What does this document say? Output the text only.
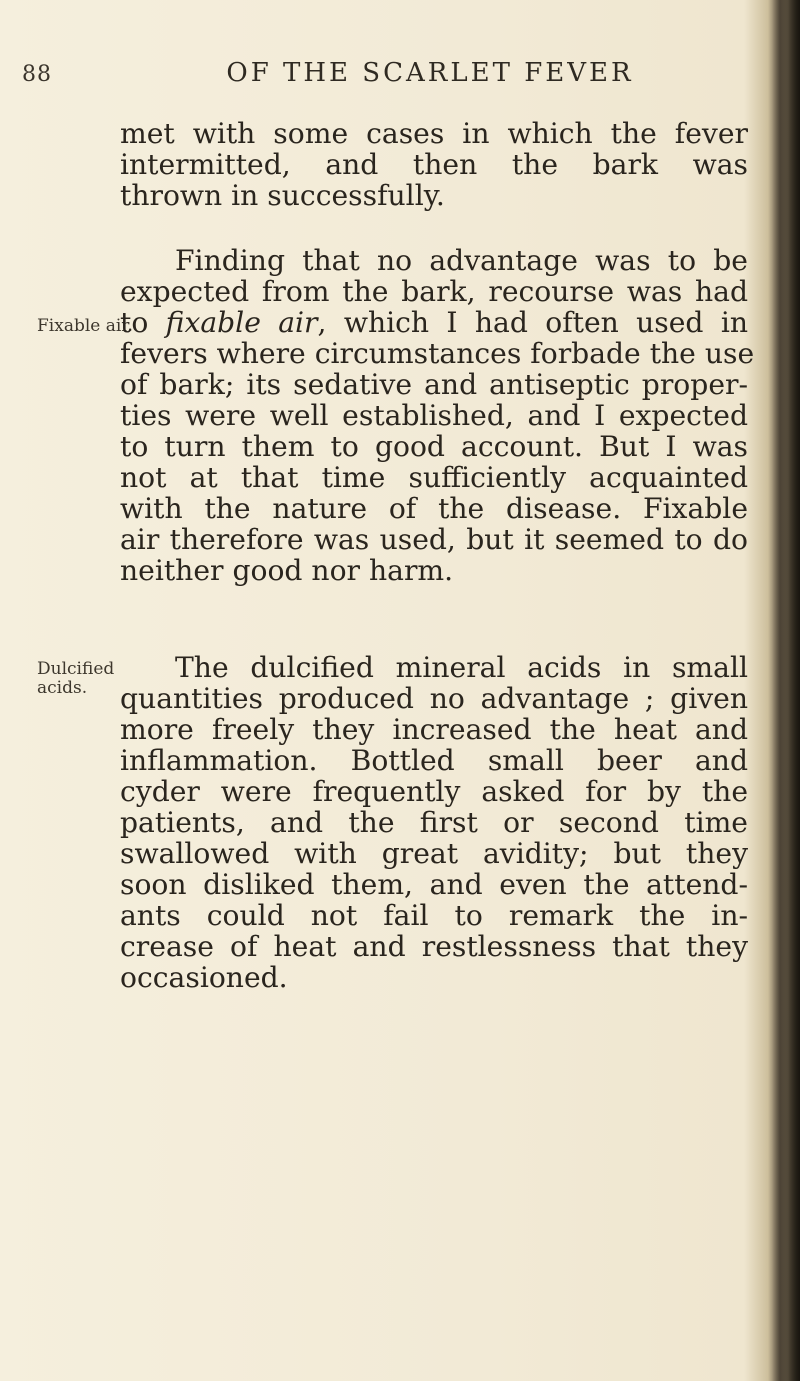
88	OF THE SCARLET FEVER
met with some cases in which the fever
intermitted, and then the bark was
thrown in successfully.
Fixable air.
Finding that no advantage was to be
expected from the bark, recourse was had
to fixable air, which I had often used in
fevers where circumstances forbade the use
of bark; its sedative and antiseptic proper-
ties were well established, and I expected
to turn them to good account. But I was
not at that time sufficiently acquainted
with the nature of the disease. Fixable
air therefore was used, but it seemed to do
neither good nor harm.
Dulcified
acids.
The dulcified mineral acids in small
quantities produced no advantage ; given
more freely they increased the heat and
inflammation. Bottled small beer and
cyder were frequently asked for by the
patients, and the first or second time
swallowed with great avidity; but they
soon disliked them, and even the attend-
ants could not fail to remark the in-
crease of heat and restlessness that they
occasioned.
